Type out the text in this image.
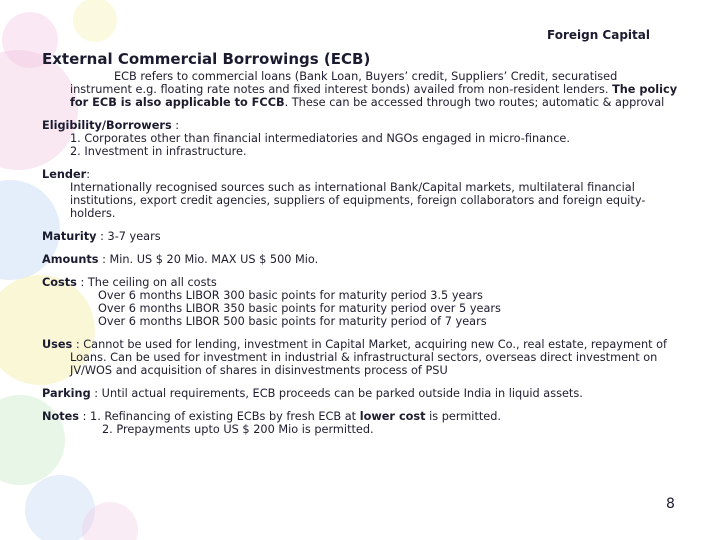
Foreign Capital
External Commercial Borrowings (ECB)
ECB refers to commercial loans (Bank Loan, Buyers’ credit, Suppliers’ Credit, securatised instrument e.g. floating rate notes and fixed interest bonds) availed from non-resident lenders. The policy for ECB is also applicable to FCCB. These can be accessed through two routes; automatic & approval
Eligibility/Borrowers :
1. Corporates other than financial intermediatories and NGOs engaged in micro-finance.
2. Investment in infrastructure.
Lender:
Internationally recognised sources such as international Bank/Capital markets, multilateral financial institutions, export credit agencies, suppliers of equipments, foreign collaborators and foreign equity-holders.
Maturity : 3-7 years
Amounts : Min. US $ 20 Mio. MAX US $ 500 Mio.
Costs : The ceiling on all costs
Over 6 months LIBOR 300 basic points for maturity period 3.5 years
Over 6 months LIBOR 350 basic points for maturity period over 5 years
Over 6 months LIBOR 500 basic points for maturity period of 7 years
Uses : Cannot be used for lending, investment in Capital Market, acquiring new Co., real estate, repayment of Loans. Can be used for investment in industrial & infrastructural sectors, overseas direct investment on JV/WOS and acquisition of shares in disinvestments process of PSU
Parking : Until actual requirements, ECB proceeds can be parked outside India in liquid assets.
Notes : 1. Refinancing of existing ECBs by fresh ECB at lower cost is permitted.
2. Prepayments upto US $ 200 Mio is permitted.
8
